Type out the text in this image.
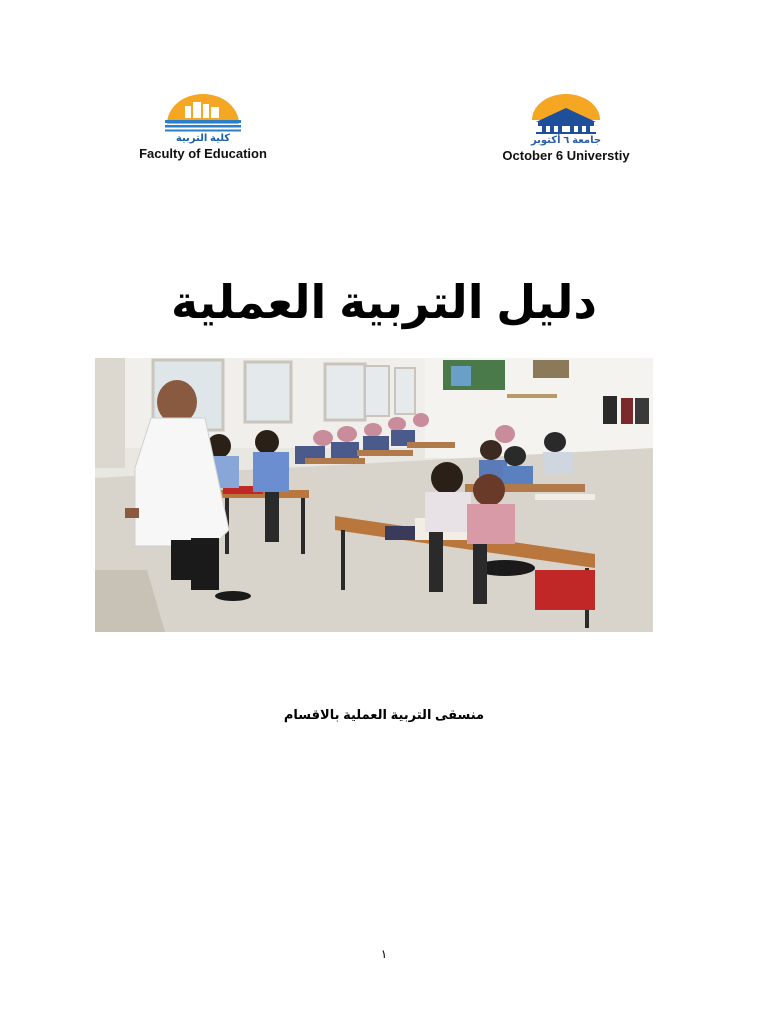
كلية التربية
Faculty of Education
جامعة ٦ أكتوبر
October 6 Universtiy
دليل التربية العملية
منسقى التربية العملية بالاقسام
١
